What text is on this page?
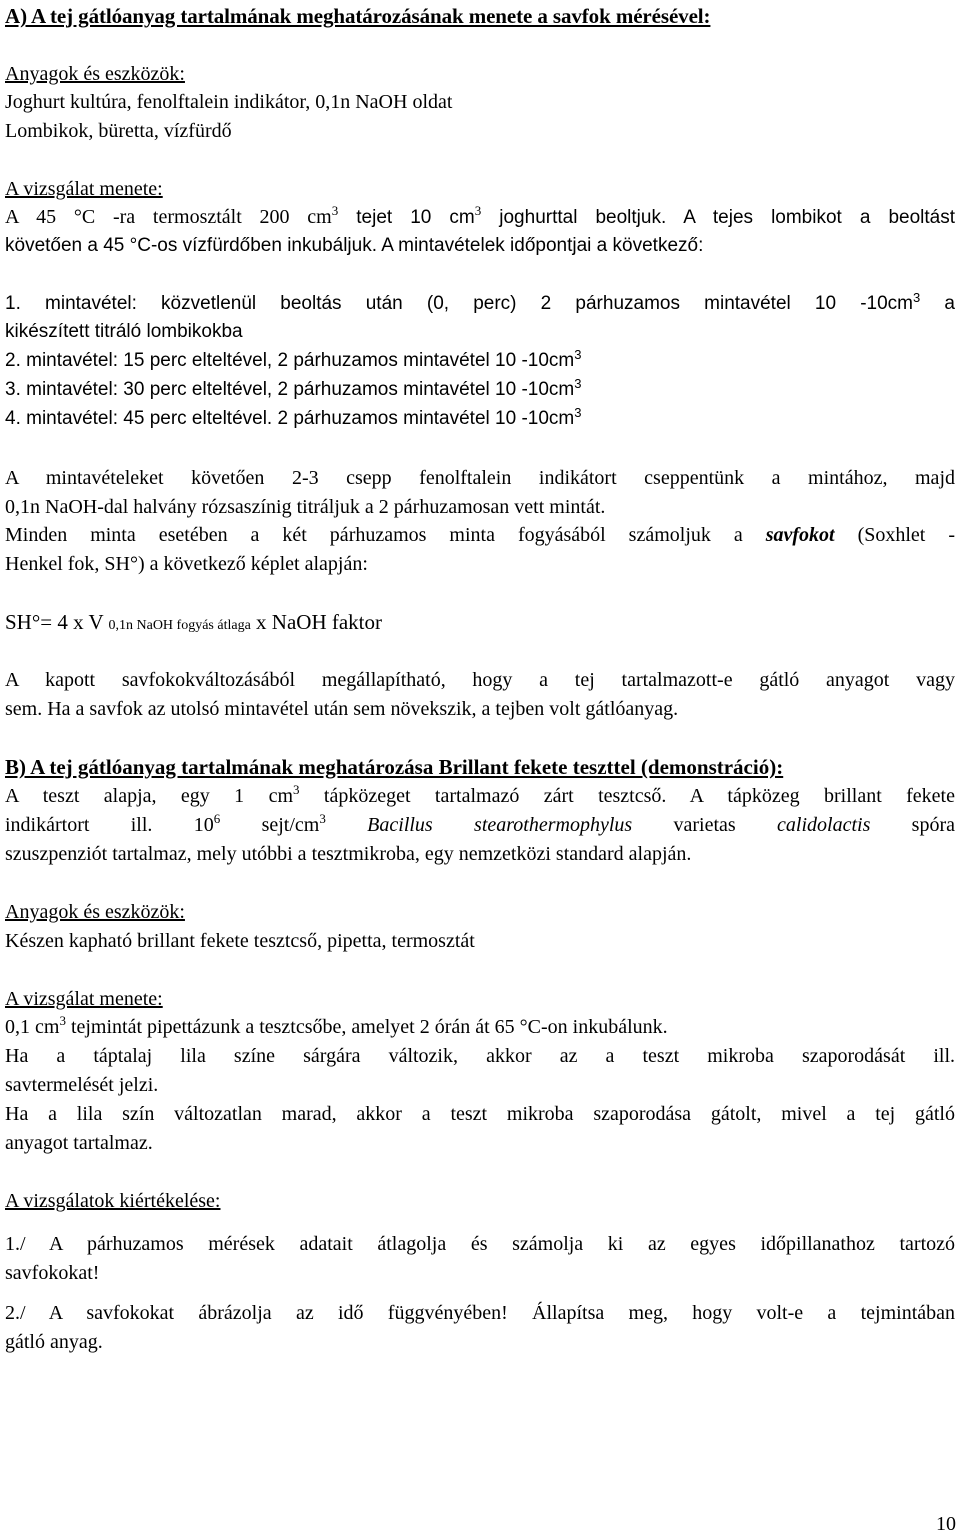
A) A tej gátlóanyag tartalmának meghatározásának menete a savfok mérésével:
Anyagok és eszközök:
Joghurt kultúra, fenolftalein indikátor, 0,1n NaOH oldat
Lombikok, büretta, vízfürdő
A vizsgálat menete:
A 45 °C -ra termosztált 200 $cm^3$ tejet 10 $cm^3$ joghurttal beoltjuk. A tejes lombikot a beoltást
követően a 45 °C-os vízfürdőben inkubáljuk. A mintavételek időpontjai a következő:
1. mintavétel: közvetlenül beoltás után (0, perc) 2 párhuzamos mintavétel 10 $-10cm^3$ a
kikészített titráló lombikokba
2. mintavétel: 15 perc elteltével, 2 párhuzamos mintavétel 10 $-10cm^3$
3. mintavétel: 30 perc elteltével, 2 párhuzamos mintavétel 10 $-10cm^3$
4. mintavétel: 45 perc elteltével. 2 párhuzamos mintavétel 10 $-10cm^3$
A mintavételeket követően 2-3 csepp fenolftalein indikátort cseppentünk a mintához, majd
0,1n NaOH-dal halvány rózsaszínig titráljuk a 2 párhuzamosan vett mintát.
Minden minta esetében a két párhuzamos minta fogyásából számoljuk a savfokot (Soxhlet -
Henkel fok, SH°) a következő képlet alapján:
SH°= 4 x V 0,1n NaOH fogyás átlaga x NaOH faktor
A kapott savfokokváltozásából megállapítható, hogy a tej tartalmazott-e gátló anyagot vagy
sem. Ha a savfok az utolsó mintavétel után sem növekszik, a tejben volt gátlóanyag.
B) A tej gátlóanyag tartalmának meghatározása Brillant fekete teszttel (demonstráció):
A teszt alapja, egy 1 $cm^3$ tápközeget tartalmazó zárt tesztcső. A tápközeg brillant fekete
indikártort ill. $10^6$ sejt/$cm^3$ Bacillus stearothermophylus varietas calidolactis spóra
szuszpenziót tartalmaz, mely utóbbi a tesztmikroba, egy nemzetközi standard alapján.
Anyagok és eszközök:
Készen kapható brillant fekete tesztcső, pipetta, termosztát
A vizsgálat menete:
0,1 $cm^3$ tejmintát pipettázunk a tesztcsőbe, amelyet 2 órán át 65 °C-on inkubálunk.
Ha a táptalaj lila színe sárgára változik, akkor az a teszt mikroba szaporodását ill.
savtermelését jelzi.
Ha a lila szín változatlan marad, akkor a teszt mikroba szaporodása gátolt, mivel a tej gátló
anyagot tartalmaz.
A vizsgálatok kiértékelése:
1./ A párhuzamos mérések adatait átlagolja és számolja ki az egyes időpillanathoz tartozó
savfokokat!
2./ A savfokokat ábrázolja az idő függvényében! Állapítsa meg, hogy volt-e a tejmintában
gátló anyag.
10
